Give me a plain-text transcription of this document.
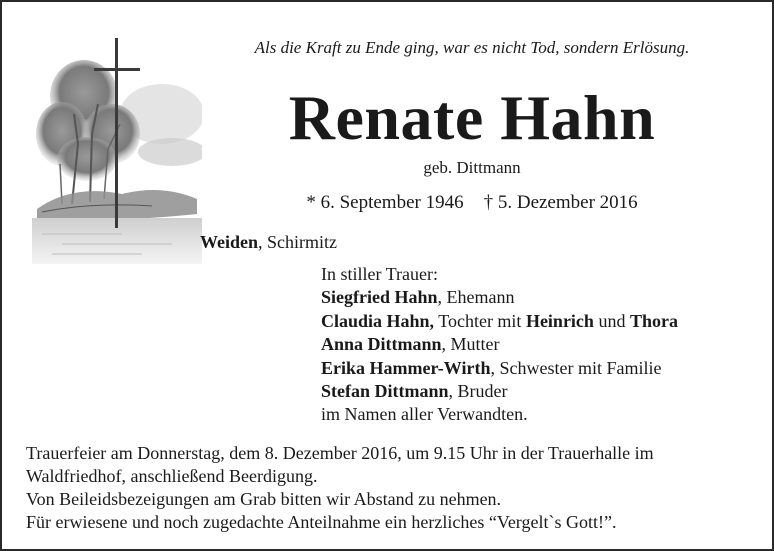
Als die Kraft zu Ende ging, war es nicht Tod, sondern Erlösung.
Renate Hahn
geb. Dittmann
* 6. September 1946 † 5. Dezember 2016
Weiden, Schirmitz
In stiller Trauer:
Siegfried Hahn, Ehemann
Claudia Hahn, Tochter mit Heinrich und Thora
Anna Dittmann, Mutter
Erika Hammer-Wirth, Schwester mit Familie
Stefan Dittmann, Bruder
im Namen aller Verwandten.
Trauerfeier am Donnerstag, dem 8. Dezember 2016, um 9.15 Uhr in der Trauerhalle im
Waldfriedhof, anschließend Beerdigung.
Von Beileidsbezeigungen am Grab bitten wir Abstand zu nehmen.
Für erwiesene und noch zugedachte Anteilnahme ein herzliches “Vergelt`s Gott!”.
